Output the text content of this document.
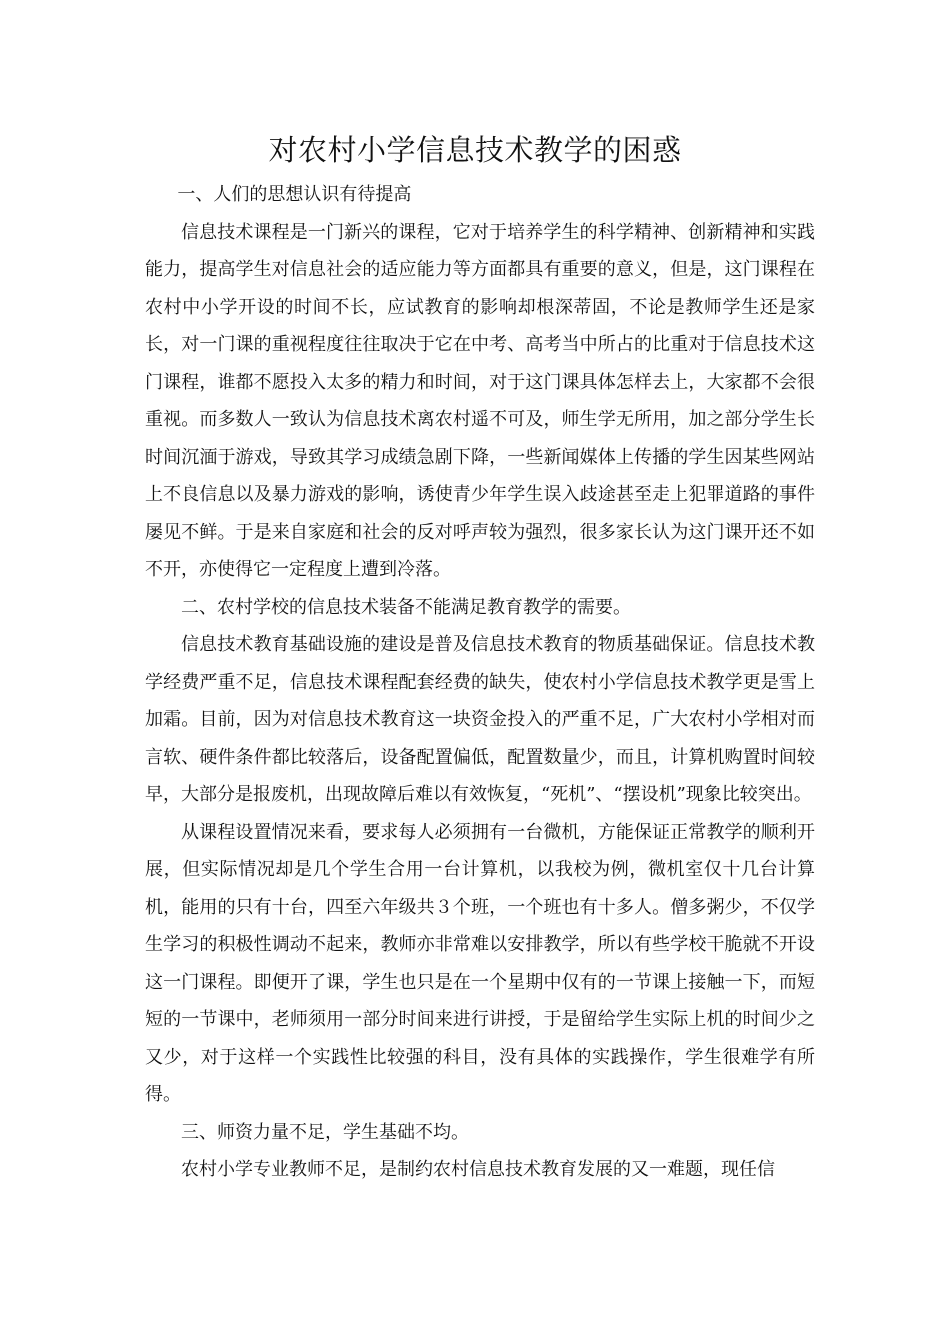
对农村小学信息技术教学的困惑

一、人们的思想认识有待提高

信息技术课程是一门新兴的课程，它对于培养学生的科学精神、创新精神和实践能力，提高学生对信息社会的适应能力等方面都具有重要的意义，但是，这门课程在农村中小学开设的时间不长，应试教育的影响却根深蒂固，不论是教师学生还是家长，对一门课的重视程度往往取决于它在中考、高考当中所占的比重对于信息技术这门课程，谁都不愿投入太多的精力和时间，对于这门课具体怎样去上，大家都不会很重视。而多数人一致认为信息技术离农村遥不可及，师生学无所用，加之部分学生长时间沉湎于游戏，导致其学习成绩急剧下降，一些新闻媒体上传播的学生因某些网站上不良信息以及暴力游戏的影响，诱使青少年学生误入歧途甚至走上犯罪道路的事件屡见不鲜。于是来自家庭和社会的反对呼声较为强烈，很多家长认为这门课开还不如不开，亦使得它一定程度上遭到冷落。

二、农村学校的信息技术装备不能满足教育教学的需要。

信息技术教育基础设施的建设是普及信息技术教育的物质基础保证。信息技术教学经费严重不足，信息技术课程配套经费的缺失，使农村小学信息技术教学更是雪上加霜。目前，因为对信息技术教育这一块资金投入的严重不足，广大农村小学相对而言软、硬件条件都比较落后，设备配置偏低，配置数量少，而且，计算机购置时间较早，大部分是报废机，出现故障后难以有效恢复，“死机”、“摆设机”现象比较突出。

从课程设置情况来看，要求每人必须拥有一台微机，方能保证正常教学的顺利开展，但实际情况却是几个学生合用一台计算机，以我校为例，微机室仅十几台计算机，能用的只有十台，四至六年级共３个班，一个班也有十多人。僧多粥少，不仅学生学习的积极性调动不起来，教师亦非常难以安排教学，所以有些学校干脆就不开设这一门课程。即便开了课，学生也只是在一个星期中仅有的一节课上接触一下，而短短的一节课中，老师须用一部分时间来进行讲授，于是留给学生实际上机的时间少之又少，对于这样一个实践性比较强的科目，没有具体的实践操作，学生很难学有所得。

三、师资力量不足，学生基础不均。

农村小学专业教师不足，是制约农村信息技术教育发展的又一难题，现任信
